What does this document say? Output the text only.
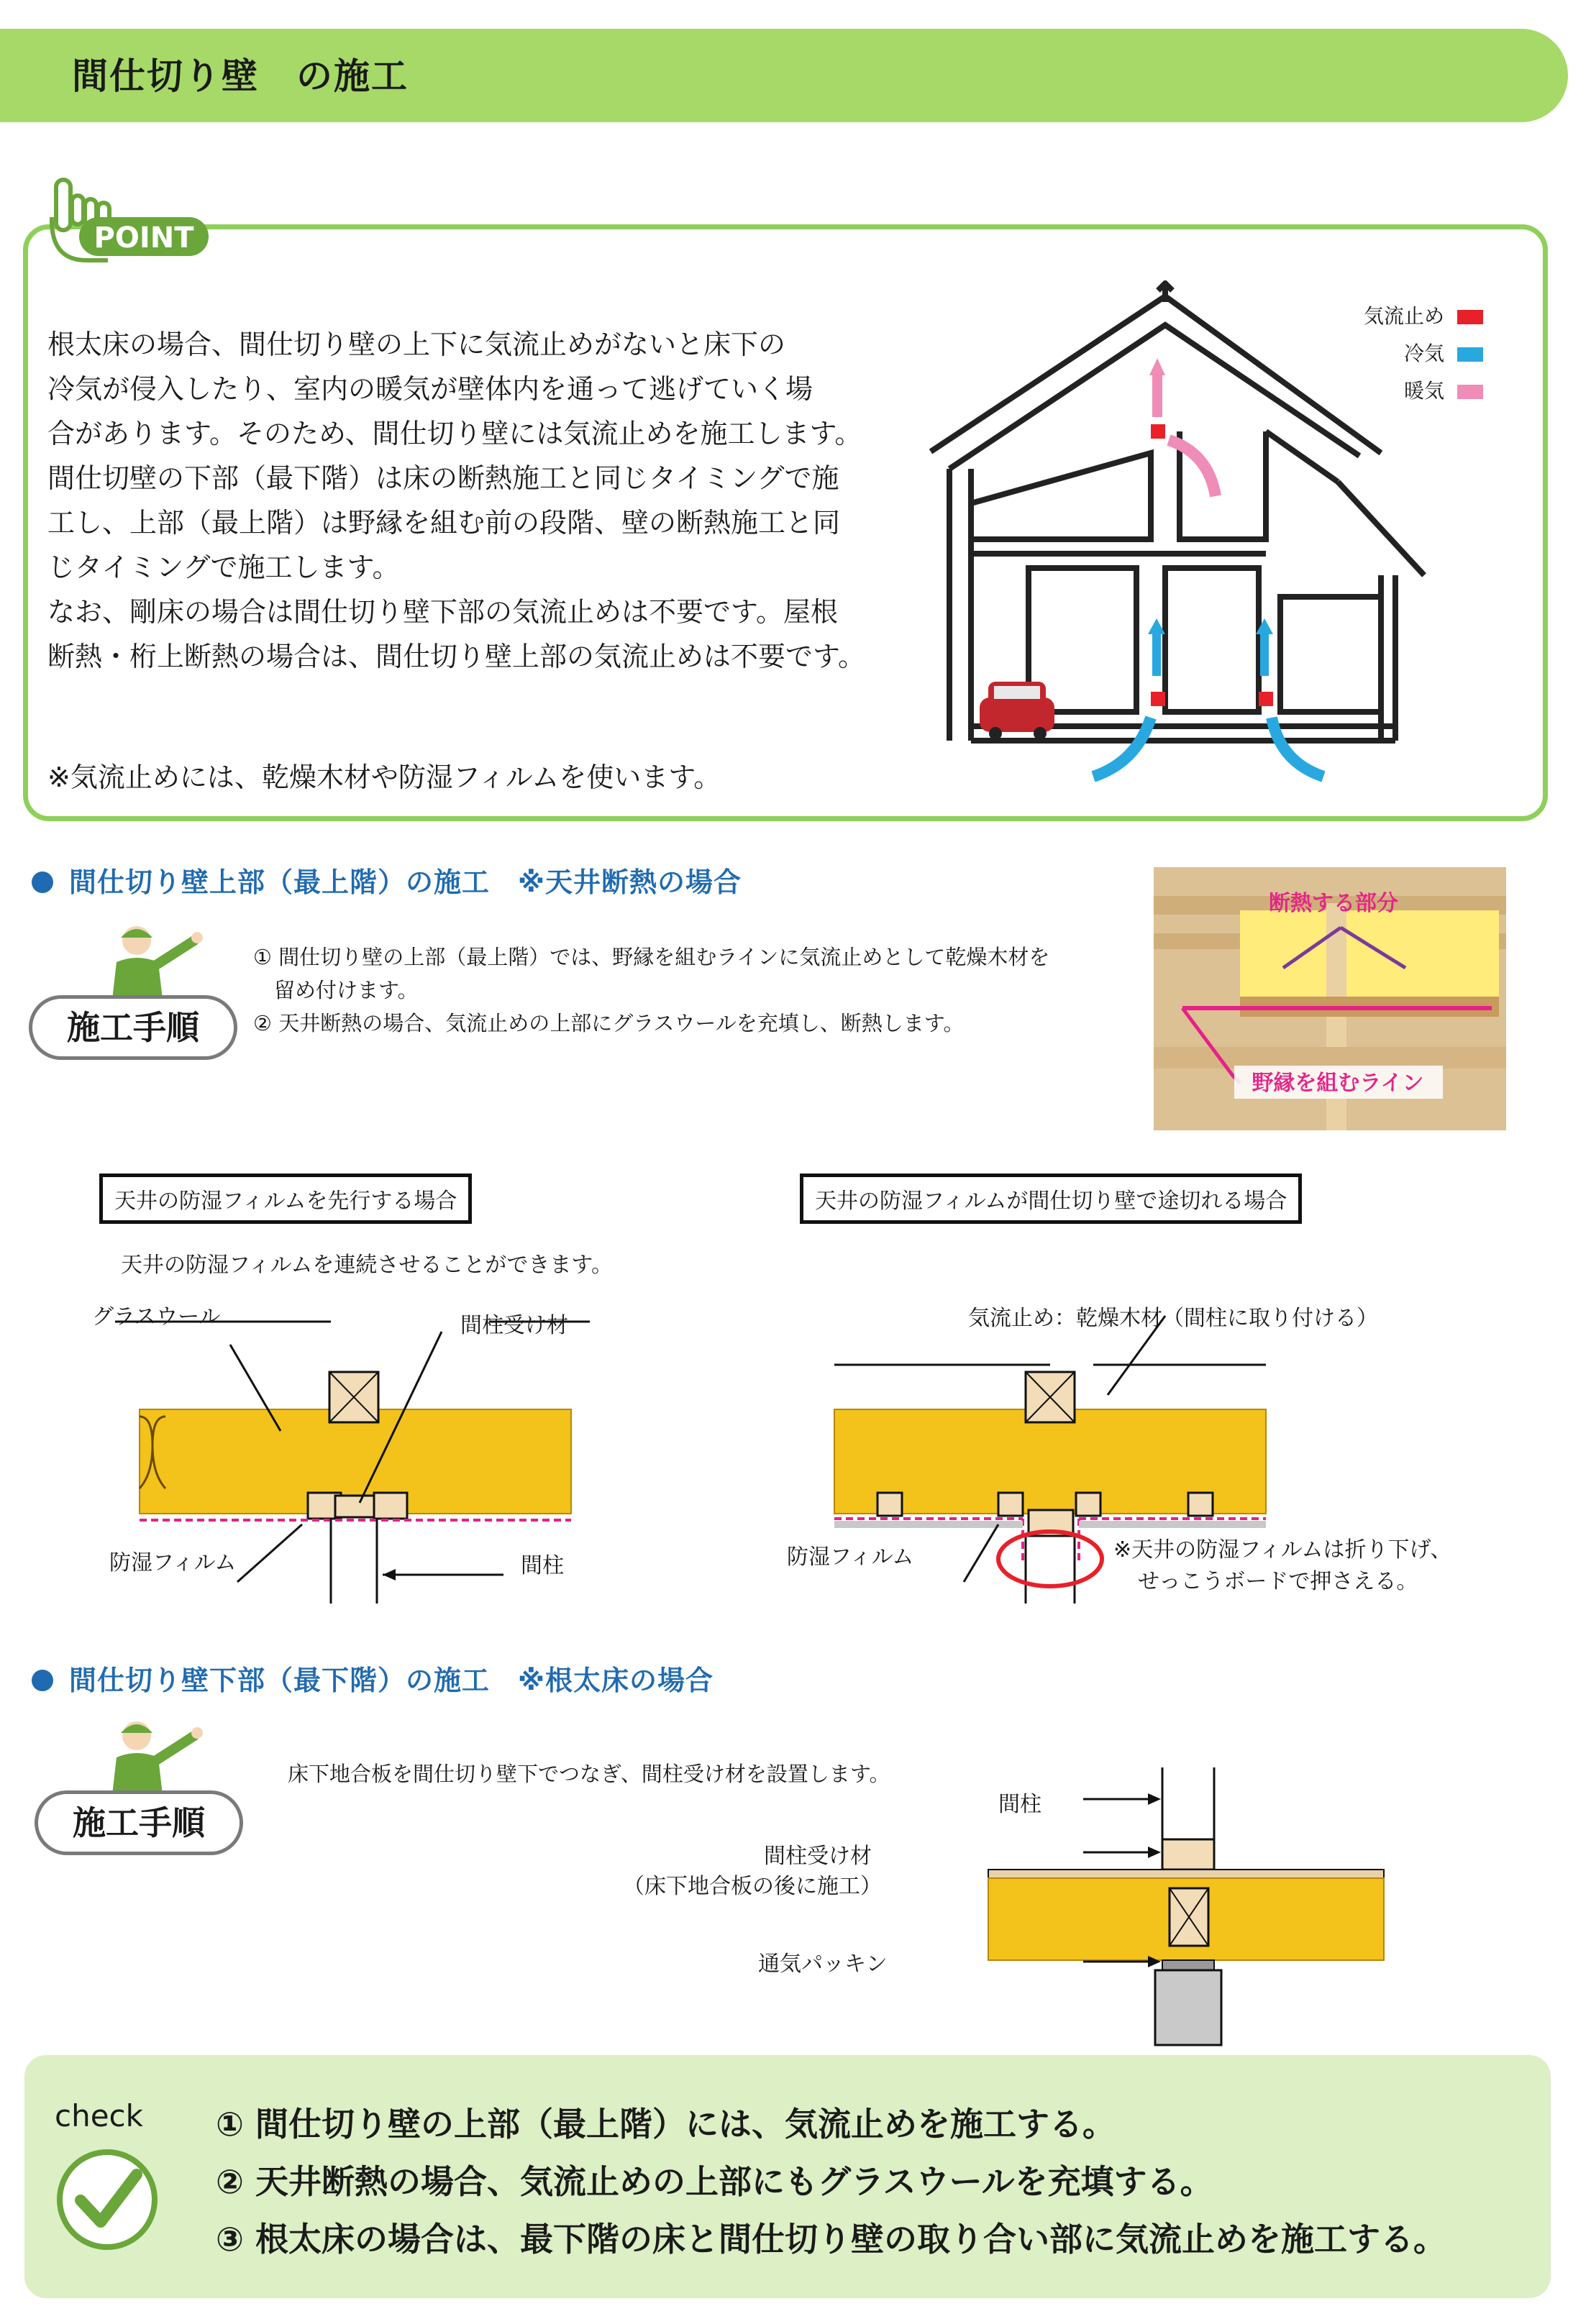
間仕切り壁　の施工
POINT
根太床の場合、間仕切り壁の上下に気流止めがないと床下の
冷気が侵入したり、室内の暖気が壁体内を通って逃げていく場
合があります。そのため、間仕切り壁には気流止めを施工します。
間仕切壁の下部（最下階）は床の断熱施工と同じタイミングで施
工し、上部（最上階）は野縁を組む前の段階、壁の断熱施工と同
じタイミングで施工します。
なお、剛床の場合は間仕切り壁下部の気流止めは不要です。屋根
断熱・桁上断熱の場合は、間仕切り壁上部の気流止めは不要です。
※気流止めには、乾燥木材や防湿フィルムを使います。
気流止め
冷気
暖気
間仕切り壁上部（最上階）の施工　※天井断熱の場合
施工手順
① 間仕切り壁の上部（最上階）では、野縁を組むラインに気流止めとして乾燥木材を
　留め付けます。
② 天井断熱の場合、気流止めの上部にグラスウールを充填し、断熱します。
断熱する部分
野縁を組むライン
天井の防湿フィルムを先行する場合
天井の防湿フィルムを連続させることができます。
グラスウール	間柱受け材
防湿フィルム	間柱
天井の防湿フィルムが間仕切り壁で途切れる場合
気流止め：乾燥木材（間柱に取り付ける）
防湿フィルム	※天井の防湿フィルムは折り下げ、
せっこうボードで押さえる。
間仕切り壁下部（最下階）の施工　※根太床の場合
施工手順
床下地合板を間仕切り壁下でつなぎ、間柱受け材を設置します。
間柱
間柱受け材
（床下地合板の後に施工）
通気パッキン
check ① 間仕切り壁の上部（最上階）には、気流止めを施工する。
② 天井断熱の場合、気流止めの上部にもグラスウールを充填する。
③ 根太床の場合は、最下階の床と間仕切り壁の取り合い部に気流止めを施工する。
